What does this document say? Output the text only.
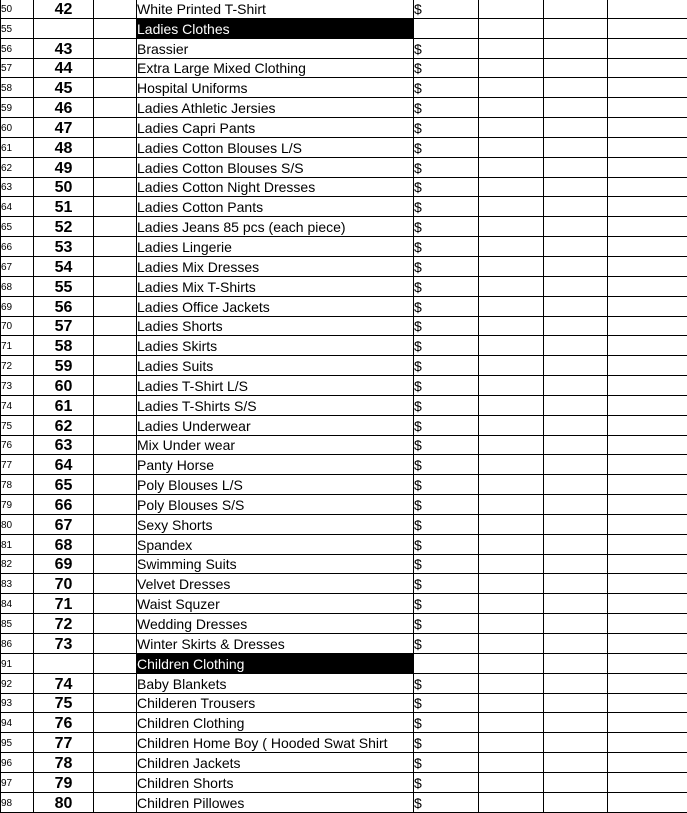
50	42		White Printed T-Shirt	$			
55			Ladies Clothes				
56	43		Brassier	$			
57	44		Extra Large Mixed Clothing	$			
58	45		Hospital Uniforms	$			
59	46		Ladies Athletic Jersies	$			
60	47		Ladies Capri Pants	$			
61	48		Ladies Cotton Blouses L/S	$			
62	49		Ladies Cotton Blouses S/S	$			
63	50		Ladies Cotton Night Dresses	$			
64	51		Ladies Cotton Pants	$			
65	52		Ladies Jeans 85 pcs (each piece)	$			
66	53		Ladies Lingerie	$			
67	54		Ladies Mix Dresses	$			
68	55		Ladies Mix T-Shirts	$			
69	56		Ladies Office Jackets	$			
70	57		Ladies Shorts	$			
71	58		Ladies Skirts	$			
72	59		Ladies Suits	$			
73	60		Ladies T-Shirt L/S	$			
74	61		Ladies T-Shirts S/S	$			
75	62		Ladies Underwear	$			
76	63		Mix Under wear	$			
77	64		Panty Horse	$			
78	65		Poly Blouses L/S	$			
79	66		Poly Blouses S/S	$			
80	67		Sexy Shorts	$			
81	68		Spandex	$			
82	69		Swimming Suits	$			
83	70		Velvet Dresses	$			
84	71		Waist Squzer	$			
85	72		Wedding Dresses	$			
86	73		Winter Skirts & Dresses	$			
91			Children Clothing				
92	74		Baby Blankets	$			
93	75		Childeren Trousers	$			
94	76		Children Clothing	$			
95	77		Children Home Boy ( Hooded Swat Shirt	$			
96	78		Children Jackets	$			
97	79		Children Shorts	$			
98	80		Children Pillowes	$			
